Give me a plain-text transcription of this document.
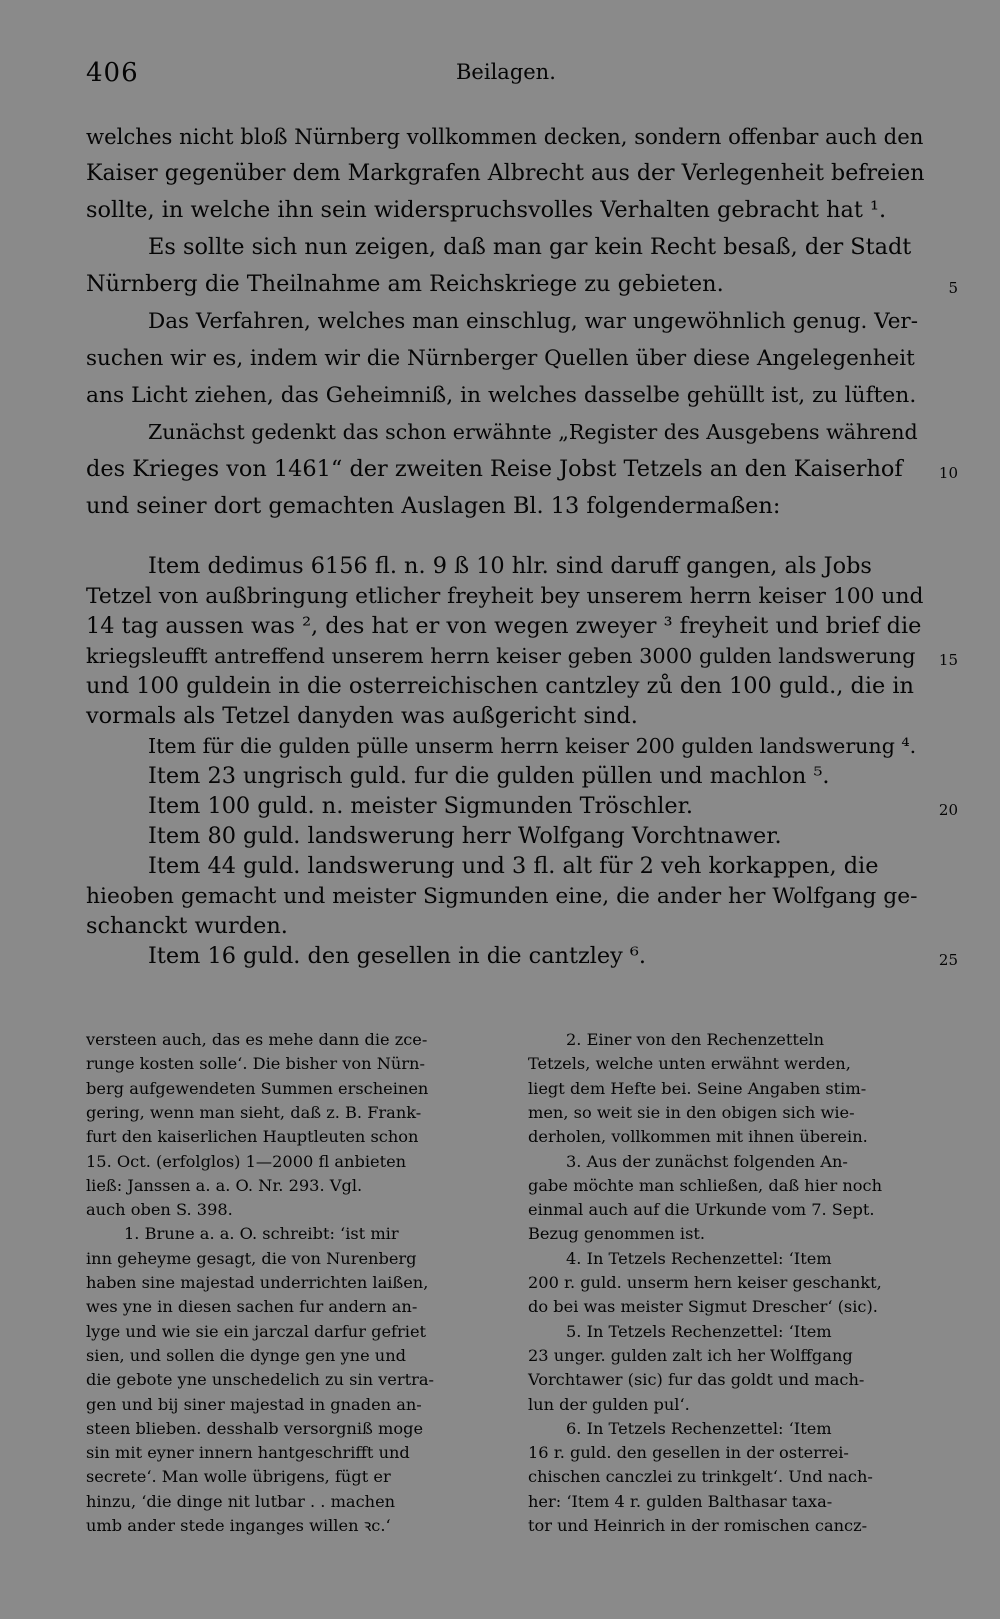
406	Beilagen.
welches nicht bloß Nürnberg vollkommen decken, sondern offenbar auch den
Kaiser gegenüber dem Markgrafen Albrecht aus der Verlegenheit befreien
sollte, in welche ihn sein widerspruchsvolles Verhalten gebracht hat ¹.
Es sollte sich nun zeigen, daß man gar kein Recht besaß, der Stadt
Nürnberg die Theilnahme am Reichskriege zu gebieten.	5
Das Verfahren, welches man einschlug, war ungewöhnlich genug. Ver-
suchen wir es, indem wir die Nürnberger Quellen über diese Angelegenheit
ans Licht ziehen, das Geheimniß, in welches dasselbe gehüllt ist, zu lüften.
Zunächst gedenkt das schon erwähnte „Register des Ausgebens während
des Krieges von 1461“ der zweiten Reise Jobst Tetzels an den Kaiserhof	10
und seiner dort gemachten Auslagen Bl. 13 folgendermaßen:
Item dedimus 6156 fl. n. 9 ß 10 hlr. sind daruff gangen, als Jobs
Tetzel von außbringung etlicher freyheit bey unserem herrn keiser 100 und
14 tag aussen was ², des hat er von wegen zweyer ³ freyheit und brief die
kriegsleufft antreffend unserem herrn keiser geben 3000 gulden landswerung	15
und 100 guldein in die osterreichischen cantzley zů den 100 guld., die in
vormals als Tetzel danyden was außgericht sind.
Item für die gulden pülle unserm herrn keiser 200 gulden landswerung ⁴.
Item 23 ungrisch guld. fur die gulden püllen und machlon ⁵.
Item 100 guld. n. meister Sigmunden Tröschler.	20
Item 80 guld. landswerung herr Wolfgang Vorchtnawer.
Item 44 guld. landswerung und 3 fl. alt für 2 veh korkappen, die
hieoben gemacht und meister Sigmunden eine, die ander her Wolfgang ge-
schanckt wurden.
Item 16 guld. den gesellen in die cantzley ⁶.	25
versteen auch, das es mehe dann die zce-
runge kosten solle‘. Die bisher von Nürn-
berg aufgewendeten Summen erscheinen
gering, wenn man sieht, daß z. B. Frank-
furt den kaiserlichen Hauptleuten schon
15. Oct. (erfolglos) 1—2000 fl anbieten
ließ: Janssen a. a. O. Nr. 293. Vgl.
auch oben S. 398.
1. Brune a. a. O. schreibt: ‘ist mir
inn geheyme gesagt, die von Nurenberg
haben sine majestad underrichten laißen,
wes yne in diesen sachen fur andern an-
lyge und wie sie ein jarczal darfur gefriet
sien, und sollen die dynge gen yne und
die gebote yne unschedelich zu sin vertra-
gen und bij siner majestad in gnaden an-
steen blieben. desshalb versorgniß moge
sin mit eyner innern hantgeschrifft und
secrete‘. Man wolle übrigens, fügt er
hinzu, ‘die dinge nit lutbar . . machen
umb ander stede inganges willen ꝛc.‘
2. Einer von den Rechenzetteln
Tetzels, welche unten erwähnt werden,
liegt dem Hefte bei. Seine Angaben stim-
men, so weit sie in den obigen sich wie-
derholen, vollkommen mit ihnen überein.
3. Aus der zunächst folgenden An-
gabe möchte man schließen, daß hier noch
einmal auch auf die Urkunde vom 7. Sept.
Bezug genommen ist.
4. In Tetzels Rechenzettel: ‘Item
200 r. guld. unserm hern keiser geschankt,
do bei was meister Sigmut Drescher‘ (sic).
5. In Tetzels Rechenzettel: ‘Item
23 unger. gulden zalt ich her Wolffgang
Vorchtawer (sic) fur das goldt und mach-
lun der gulden pul‘.
6. In Tetzels Rechenzettel: ‘Item
16 r. guld. den gesellen in der osterrei-
chischen canczlei zu trinkgelt‘. Und nach-
her: ‘Item 4 r. gulden Balthasar taxa-
tor und Heinrich in der romischen cancz-
